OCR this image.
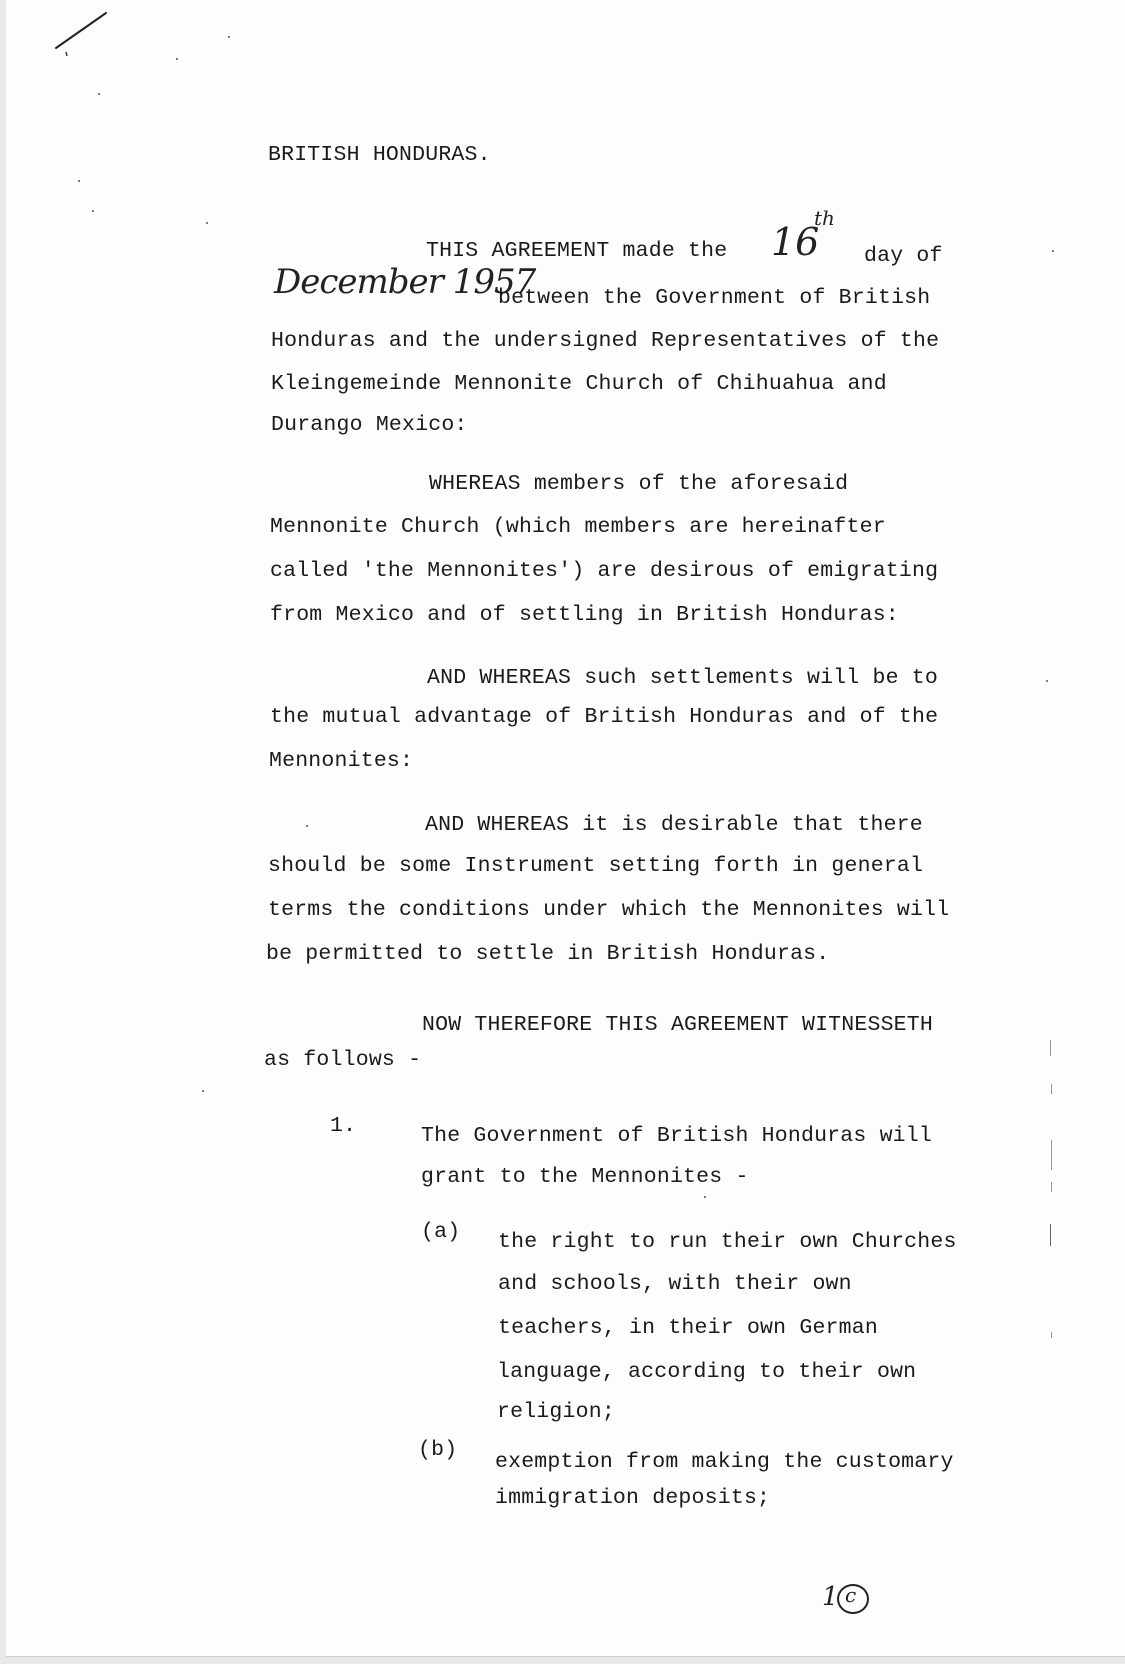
BRITISH HONDURAS.
THIS AGREEMENT made the 16
th
day of
December 1957
between the Government of British
Honduras and the undersigned Representatives of the
Kleingemeinde Mennonite Church of Chihuahua and
Durango Mexico:
WHEREAS members of the aforesaid
Mennonite Church (which members are hereinafter
called 'the Mennonites') are desirous of emigrating
from Mexico and of settling in British Honduras:
AND WHEREAS such settlements will be to
the mutual advantage of British Honduras and of the
Mennonites:
AND WHEREAS it is desirable that there
should be some Instrument setting forth in general
terms the conditions under which the Mennonites will
be permitted to settle in British Honduras.
NOW THEREFORE THIS AGREEMENT WITNESSETH
as follows -
1.	The Government of British Honduras will
grant to the Mennonites -
(a) the right to run their own Churches
and schools, with their own
teachers, in their own German
language, according to their own
religion;
(b) exemption from making the customary
immigration deposits;
1 c
